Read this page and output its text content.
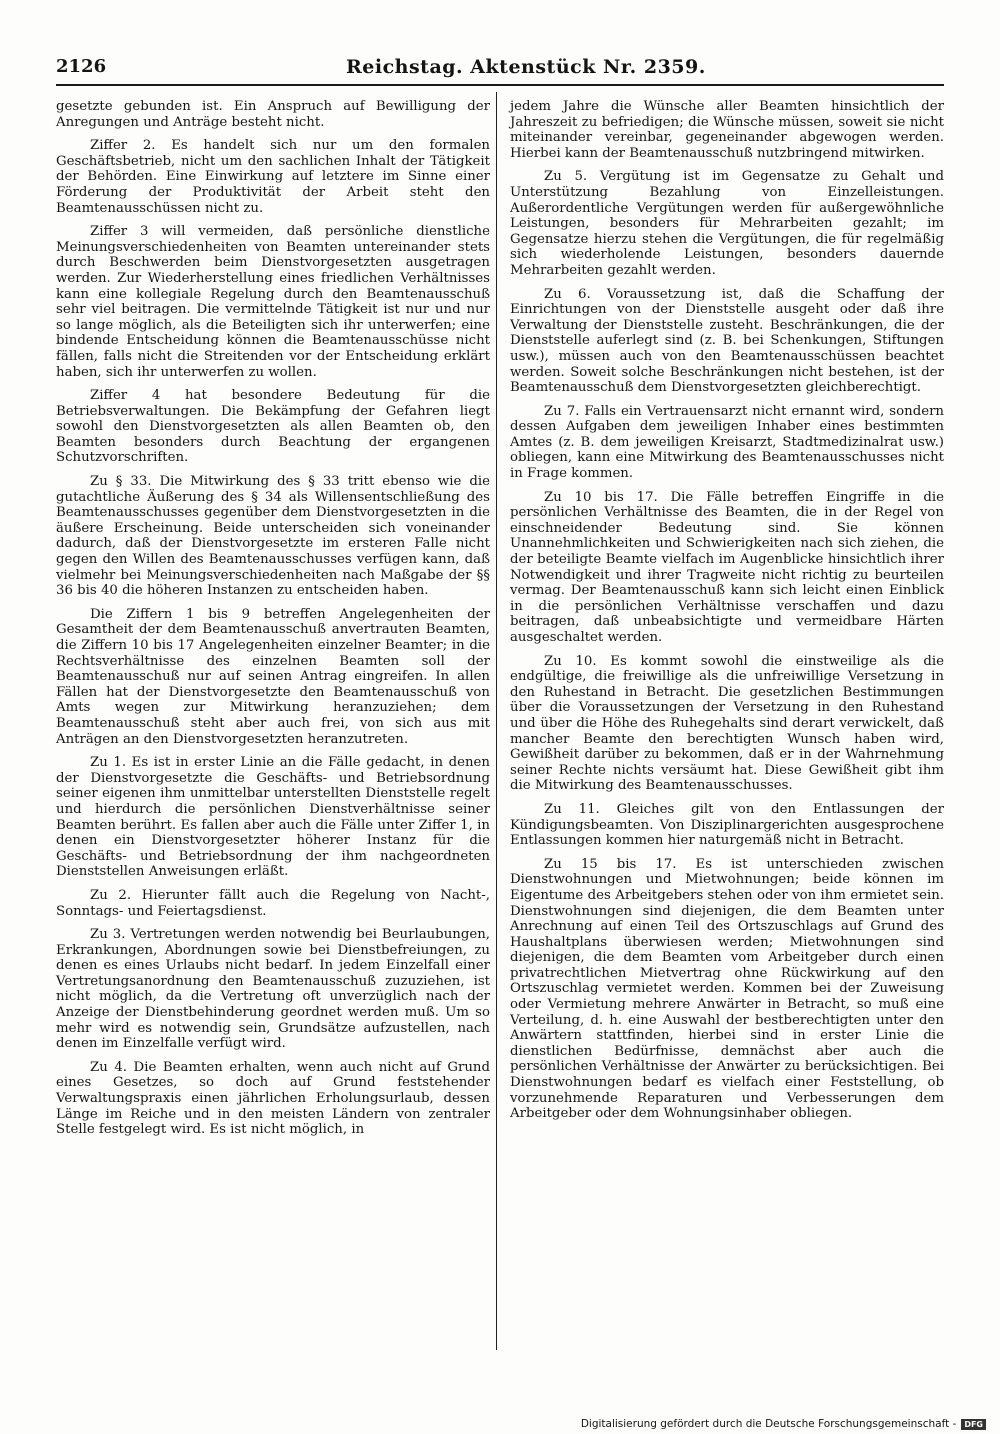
2126	Reichstag. Aktenstück Nr. 2359.

gesetzte gebunden ist. Ein Anspruch auf Bewilligung der Anregungen und Anträge besteht nicht.

Ziffer 2. Es handelt sich nur um den formalen Geschäftsbetrieb, nicht um den sachlichen Inhalt der Tätigkeit der Behörden. Eine Einwirkung auf letztere im Sinne einer Förderung der Produktivität der Arbeit steht den Beamtenausschüssen nicht zu.

Ziffer 3 will vermeiden, daß persönliche dienstliche Meinungsverschiedenheiten von Beamten untereinander stets durch Beschwerden beim Dienstvorgesetzten ausgetragen werden. Zur Wiederherstellung eines friedlichen Verhältnisses kann eine kollegiale Regelung durch den Beamtenausschuß sehr viel beitragen. Die vermittelnde Tätigkeit ist nur und nur so lange möglich, als die Beteiligten sich ihr unterwerfen; eine bindende Entscheidung können die Beamtenausschüsse nicht fällen, falls nicht die Streitenden vor der Entscheidung erklärt haben, sich ihr unterwerfen zu wollen.

Ziffer 4 hat besondere Bedeutung für die Betriebsverwaltungen. Die Bekämpfung der Gefahren liegt sowohl den Dienstvorgesetzten als allen Beamten ob, den Beamten besonders durch Beachtung der ergangenen Schutzvorschriften.

Zu § 33. Die Mitwirkung des § 33 tritt ebenso wie die gutachtliche Äußerung des § 34 als Willensentschließung des Beamtenausschusses gegenüber dem Dienstvorgesetzten in die äußere Erscheinung. Beide unterscheiden sich voneinander dadurch, daß der Dienstvorgesetzte im ersteren Falle nicht gegen den Willen des Beamtenausschusses verfügen kann, daß vielmehr bei Meinungsverschiedenheiten nach Maßgabe der §§ 36 bis 40 die höheren Instanzen zu entscheiden haben.

Die Ziffern 1 bis 9 betreffen Angelegenheiten der Gesamtheit der dem Beamtenausschuß anvertrauten Beamten, die Ziffern 10 bis 17 Angelegenheiten einzelner Beamter; in die Rechtsverhältnisse des einzelnen Beamten soll der Beamtenausschuß nur auf seinen Antrag eingreifen. In allen Fällen hat der Dienstvorgesetzte den Beamtenausschuß von Amts wegen zur Mitwirkung heranzuziehen; dem Beamtenausschuß steht aber auch frei, von sich aus mit Anträgen an den Dienstvorgesetzten heranzutreten.

Zu 1. Es ist in erster Linie an die Fälle gedacht, in denen der Dienstvorgesetzte die Geschäfts- und Betriebsordnung seiner eigenen ihm unmittelbar unterstellten Dienststelle regelt und hierdurch die persönlichen Dienstverhältnisse seiner Beamten berührt. Es fallen aber auch die Fälle unter Ziffer 1, in denen ein Dienstvorgesetzter höherer Instanz für die Geschäfts- und Betriebsordnung der ihm nachgeordneten Dienststellen Anweisungen erläßt.

Zu 2. Hierunter fällt auch die Regelung von Nacht-, Sonntags- und Feiertagsdienst.

Zu 3. Vertretungen werden notwendig bei Beurlaubungen, Erkrankungen, Abordnungen sowie bei Dienstbefreiungen, zu denen es eines Urlaubs nicht bedarf. In jedem Einzelfall einer Vertretungsanordnung den Beamtenausschuß zuzuziehen, ist nicht möglich, da die Vertretung oft unverzüglich nach der Anzeige der Dienstbehinderung geordnet werden muß. Um so mehr wird es notwendig sein, Grundsätze aufzustellen, nach denen im Einzelfalle verfügt wird.

Zu 4. Die Beamten erhalten, wenn auch nicht auf Grund eines Gesetzes, so doch auf Grund feststehender Verwaltungspraxis einen jährlichen Erholungsurlaub, dessen Länge im Reiche und in den meisten Ländern von zentraler Stelle festgelegt wird. Es ist nicht möglich, in

jedem Jahre die Wünsche aller Beamten hinsichtlich der Jahreszeit zu befriedigen; die Wünsche müssen, soweit sie nicht miteinander vereinbar, gegeneinander abgewogen werden. Hierbei kann der Beamtenausschuß nutzbringend mitwirken.

Zu 5. Vergütung ist im Gegensatze zu Gehalt und Unterstützung Bezahlung von Einzelleistungen. Außerordentliche Vergütungen werden für außergewöhnliche Leistungen, besonders für Mehrarbeiten gezahlt; im Gegensatze hierzu stehen die Vergütungen, die für regelmäßig sich wiederholende Leistungen, besonders dauernde Mehrarbeiten gezahlt werden.

Zu 6. Voraussetzung ist, daß die Schaffung der Einrichtungen von der Dienststelle ausgeht oder daß ihre Verwaltung der Dienststelle zusteht. Beschränkungen, die der Dienststelle auferlegt sind (z. B. bei Schenkungen, Stiftungen usw.), müssen auch von den Beamtenausschüssen beachtet werden. Soweit solche Beschränkungen nicht bestehen, ist der Beamtenausschuß dem Dienstvorgesetzten gleichberechtigt.

Zu 7. Falls ein Vertrauensarzt nicht ernannt wird, sondern dessen Aufgaben dem jeweiligen Inhaber eines bestimmten Amtes (z. B. dem jeweiligen Kreisarzt, Stadtmedizinalrat usw.) obliegen, kann eine Mitwirkung des Beamtenausschusses nicht in Frage kommen.

Zu 10 bis 17. Die Fälle betreffen Eingriffe in die persönlichen Verhältnisse des Beamten, die in der Regel von einschneidender Bedeutung sind. Sie können Unannehmlichkeiten und Schwierigkeiten nach sich ziehen, die der beteiligte Beamte vielfach im Augenblicke hinsichtlich ihrer Notwendigkeit und ihrer Tragweite nicht richtig zu beurteilen vermag. Der Beamtenausschuß kann sich leicht einen Einblick in die persönlichen Verhältnisse verschaffen und dazu beitragen, daß unbeabsichtigte und vermeidbare Härten ausgeschaltet werden.

Zu 10. Es kommt sowohl die einstweilige als die endgültige, die freiwillige als die unfreiwillige Versetzung in den Ruhestand in Betracht. Die gesetzlichen Bestimmungen über die Voraussetzungen der Versetzung in den Ruhestand und über die Höhe des Ruhegehalts sind derart verwickelt, daß mancher Beamte den berechtigten Wunsch haben wird, Gewißheit darüber zu bekommen, daß er in der Wahrnehmung seiner Rechte nichts versäumt hat. Diese Gewißheit gibt ihm die Mitwirkung des Beamtenausschusses.

Zu 11. Gleiches gilt von den Entlassungen der Kündigungsbeamten. Von Disziplinargerichten ausgesprochene Entlassungen kommen hier naturgemäß nicht in Betracht.

Zu 15 bis 17. Es ist unterschieden zwischen Dienstwohnungen und Mietwohnungen; beide können im Eigentume des Arbeitgebers stehen oder von ihm ermietet sein. Dienstwohnungen sind diejenigen, die dem Beamten unter Anrechnung auf einen Teil des Ortszuschlags auf Grund des Haushaltplans überwiesen werden; Mietwohnungen sind diejenigen, die dem Beamten vom Arbeitgeber durch einen privatrechtlichen Mietvertrag ohne Rückwirkung auf den Ortszuschlag vermietet werden. Kommen bei der Zuweisung oder Vermietung mehrere Anwärter in Betracht, so muß eine Verteilung, d. h. eine Auswahl der bestberechtigten unter den Anwärtern stattfinden, hierbei sind in erster Linie die dienstlichen Bedürfnisse, demnächst aber auch die persönlichen Verhältnisse der Anwärter zu berücksichtigen. Bei Dienstwohnungen bedarf es vielfach einer Feststellung, ob vorzunehmende Reparaturen und Verbesserungen dem Arbeitgeber oder dem Wohnungsinhaber obliegen.

Digitalisierung gefördert durch die Deutsche Forschungsgemeinschaft -	DFG
